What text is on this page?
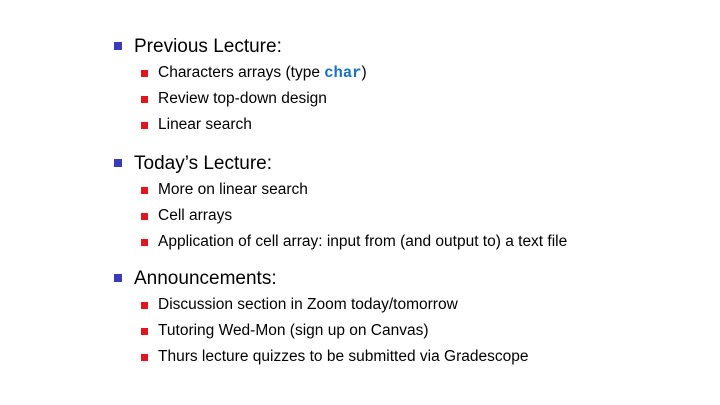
Previous Lecture:
Characters arrays (type char)
Review top-down design
Linear search
Today’s Lecture:
More on linear search
Cell arrays
Application of cell array: input from (and output to) a text file
Announcements:
Discussion section in Zoom today/tomorrow
Tutoring Wed-Mon (sign up on Canvas)
Thurs lecture quizzes to be submitted via Gradescope
